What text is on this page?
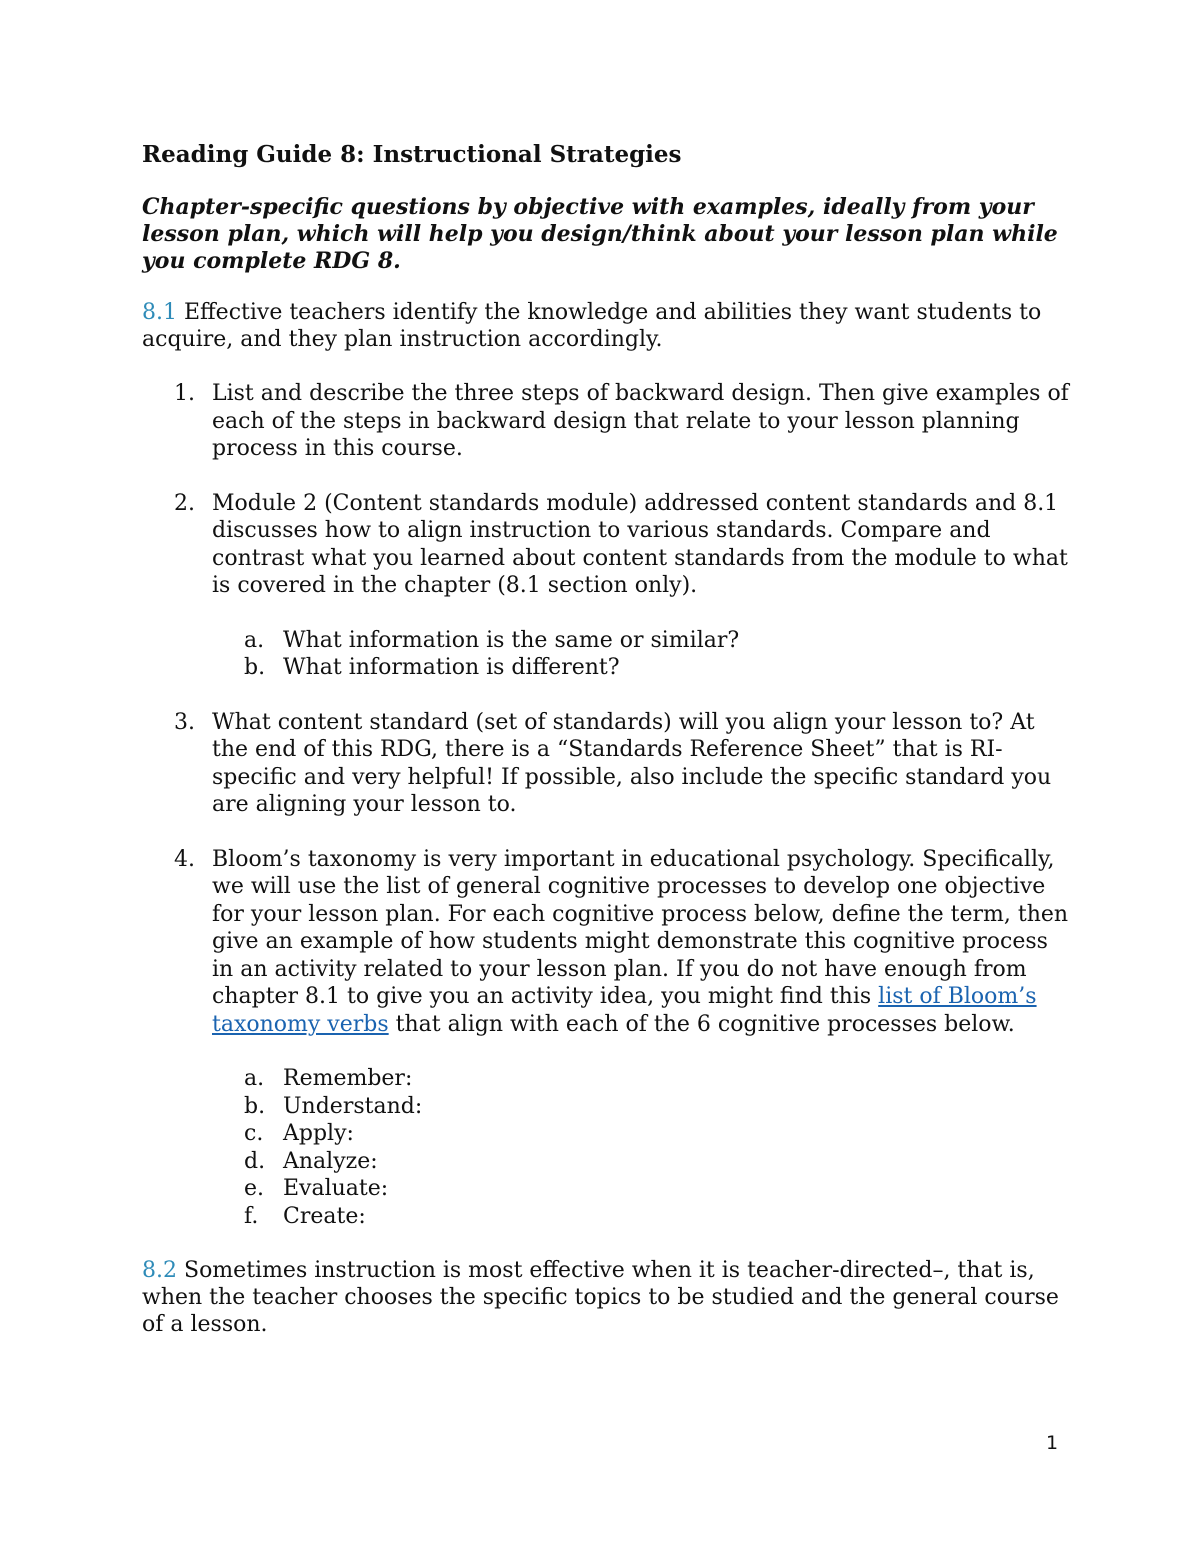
Reading Guide 8: Instructional Strategies
Chapter-specific questions by objective with examples, ideally from your lesson plan, which will help you design/think about your lesson plan while you complete RDG 8.
8.1 Effective teachers identify the knowledge and abilities they want students to acquire, and they plan instruction accordingly.
1. List and describe the three steps of backward design. Then give examples of each of the steps in backward design that relate to your lesson planning process in this course.
2. Module 2 (Content standards module) addressed content standards and 8.1 discusses how to align instruction to various standards. Compare and contrast what you learned about content standards from the module to what is covered in the chapter (8.1 section only).
a. What information is the same or similar?
b. What information is different?
3. What content standard (set of standards) will you align your lesson to? At the end of this RDG, there is a “Standards Reference Sheet” that is RI-specific and very helpful! If possible, also include the specific standard you are aligning your lesson to.
4. Bloom’s taxonomy is very important in educational psychology. Specifically, we will use the list of general cognitive processes to develop one objective for your lesson plan. For each cognitive process below, define the term, then give an example of how students might demonstrate this cognitive process in an activity related to your lesson plan. If you do not have enough from chapter 8.1 to give you an activity idea, you might find this list of Bloom’s taxonomy verbs that align with each of the 6 cognitive processes below.
a. Remember:
b. Understand:
c. Apply:
d. Analyze:
e. Evaluate:
f. Create:
8.2 Sometimes instruction is most effective when it is teacher-directed–, that is, when the teacher chooses the specific topics to be studied and the general course of a lesson.
1
